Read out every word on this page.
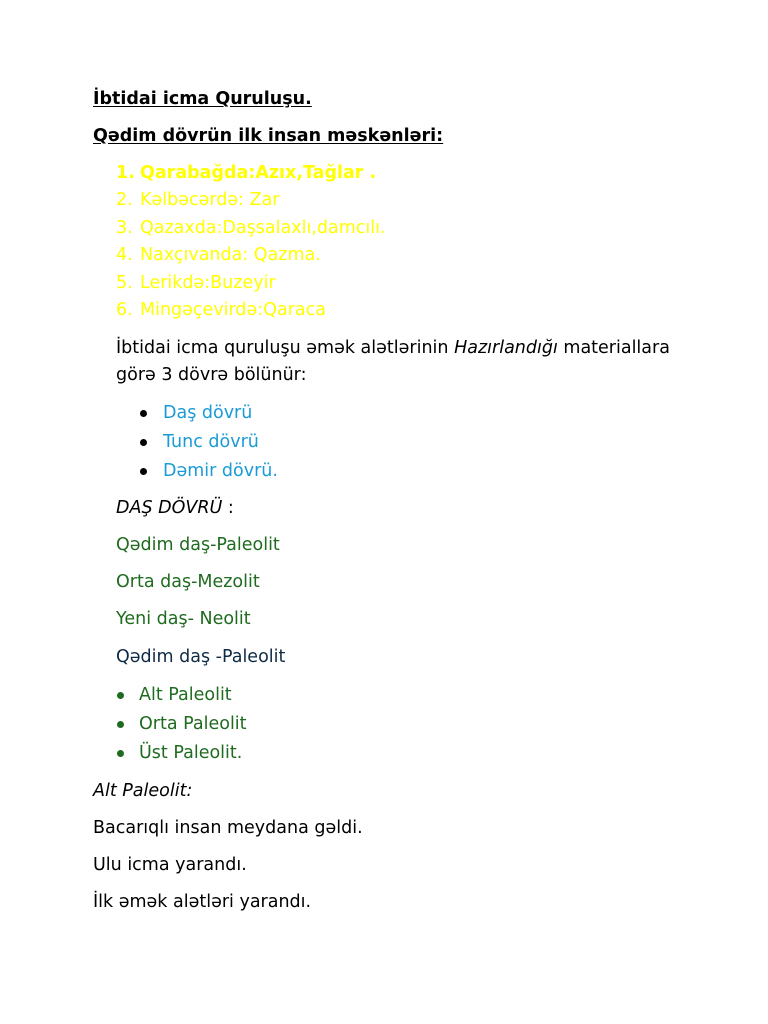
İbtidai icma Quruluşu.

Qədim dövrün ilk insan məskənləri:

1. Qarabağda:Azıx,Tağlar .

2. Kəlbəcərdə: Zar

3. Qazaxda:Daşsalaxlı,damcılı.

4. Naxçıvanda: Qazma.

5. Lerikdə:Buzeyir

6. Mingəçevirdə:Qaraca

İbtidai icma quruluşu əmək alətlərinin Hazırlandığı materiallara

görə 3 dövrə bölünür:

Daş dövrü

Tunc dövrü

Dəmir dövrü.

DAŞ DÖVRÜ :

Qədim daş-Paleolit

Orta daş-Mezolit

Yeni daş- Neolit

Qədim daş -Paleolit

Alt Paleolit

Orta Paleolit

Üst Paleolit.

Alt Paleolit:

Bacarıqlı insan meydana gəldi.

Ulu icma yarandı.

İlk əmək alətləri yarandı.
